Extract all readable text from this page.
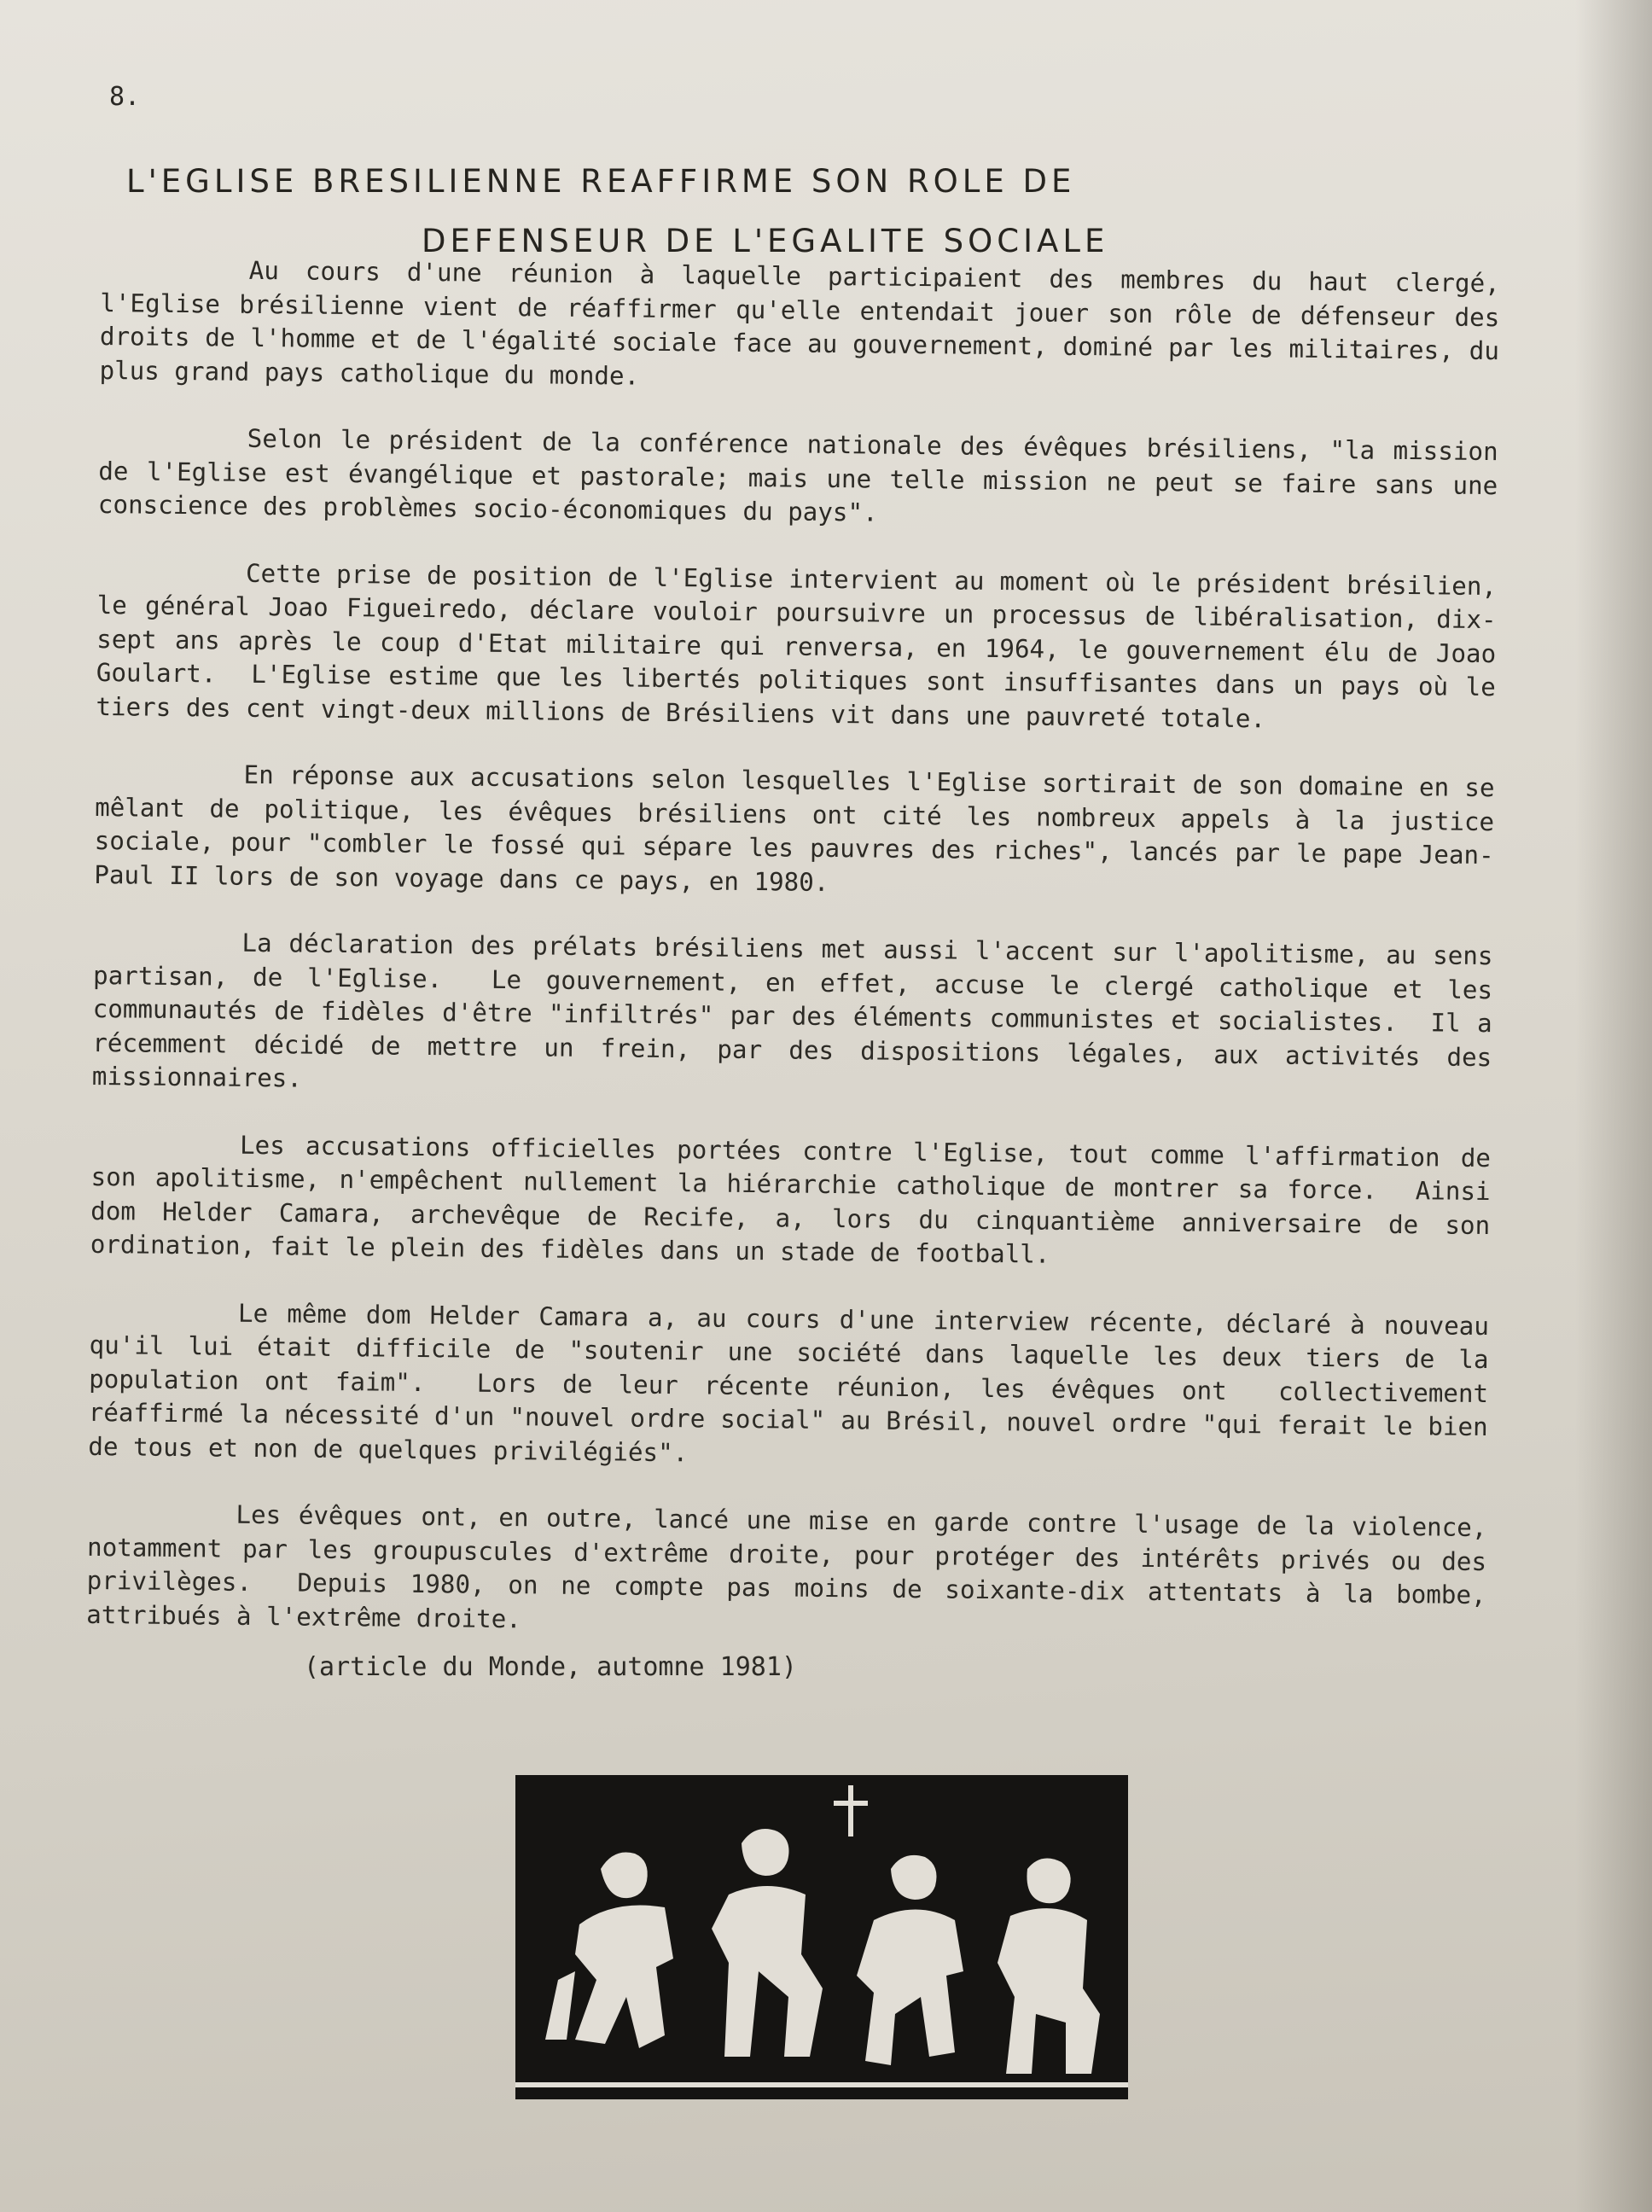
8.
L'EGLISE BRESILIENNE REAFFIRME SON ROLE DE
DEFENSEUR DE L'EGALITE SOCIALE

Au cours d'une réunion à laquelle participaient des membres du haut clergé, l'Eglise brésilienne vient de réaffirmer qu'elle entendait jouer son rôle de défenseur des droits de l'homme et de l'égalité sociale face au gouvernement, dominé par les militaires, du plus grand pays catholique du monde.

Selon le président de la conférence nationale des évêques brésiliens, "la mission de l'Eglise est évangélique et pastorale; mais une telle mission ne peut se faire sans une conscience des problèmes socio-économiques du pays".

Cette prise de position de l'Eglise intervient au moment où le président brésilien, le général Joao Figueiredo, déclare vouloir poursuivre un processus de libéralisation, dix-sept ans après le coup d'Etat militaire qui renversa, en 1964, le gouvernement élu de Joao Goulart.  L'Eglise estime que les libertés politiques sont insuffisantes dans un pays où le tiers des cent vingt-deux millions de Brésiliens vit dans une pauvreté totale.

En réponse aux accusations selon lesquelles l'Eglise sortirait de son domaine en se mêlant de politique, les évêques brésiliens ont cité les nombreux appels à la justice sociale, pour "combler le fossé qui sépare les pauvres des riches", lancés par le pape Jean-Paul II lors de son voyage dans ce pays, en 1980.

La déclaration des prélats brésiliens met aussi l'accent sur l'apolitisme, au sens partisan, de l'Eglise.  Le gouvernement, en effet, accuse le clergé catholique et les communautés de fidèles d'être "infiltrés" par des éléments communistes et socialistes.  Il a récemment décidé de mettre un frein, par des dispositions légales, aux activités des missionnaires.

Les accusations officielles portées contre l'Eglise, tout comme l'affirmation de son apolitisme, n'empêchent nullement la hiérarchie catholique de montrer sa force.  Ainsi dom Helder Camara, archevêque de Recife, a, lors du cinquantième anniversaire de son ordination, fait le plein des fidèles dans un stade de football.

Le même dom Helder Camara a, au cours d'une interview récente, déclaré à nouveau qu'il lui était difficile de "soutenir une société dans laquelle les deux tiers de la population ont faim".  Lors de leur récente réunion, les évêques ont  collectivement réaffirmé la nécessité d'un "nouvel ordre social" au Brésil, nouvel ordre "qui ferait le bien de tous et non de quelques privilégiés".

Les évêques ont, en outre, lancé une mise en garde contre l'usage de la violence, notamment par les groupuscules d'extrême droite, pour protéger des intérêts privés ou des privilèges.  Depuis 1980, on ne compte pas moins de soixante-dix attentats à la bombe, attribués à l'extrême droite.

(article du Monde, automne 1981)
